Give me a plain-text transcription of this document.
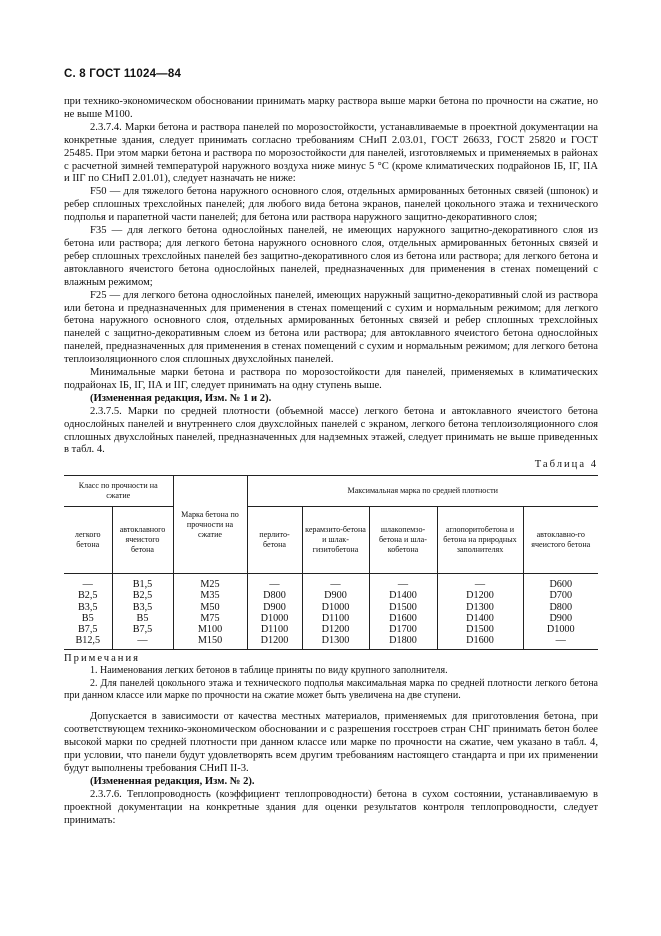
С. 8 ГОСТ 11024—84

при технико-экономическом обосновании принимать марку раствора выше марки бетона по прочности на сжатие, но не выше М100.

2.3.7.4. Марки бетона и раствора панелей по морозостойкости, устанавливаемые в проектной документации на конкретные здания, следует принимать согласно требованиям СНиП 2.03.01, ГОСТ 26633, ГОСТ 25820 и ГОСТ 25485. При этом марки бетона и раствора по морозостойкости для панелей, изготовляемых и применяемых в районах с расчетной зимней температурой наружного воздуха ниже минус 5 °С (кроме климатических подрайонов IБ, IГ, IIА и IIГ по СНиП 2.01.01), следует назначать не ниже:

F50 — для тяжелого бетона наружного основного слоя, отдельных армированных бетонных связей (шпонок) и ребер сплошных трехслойных панелей; для любого вида бетона экранов, панелей цокольного этажа и технического подполья и парапетной части панелей; для бетона или раствора наружного защитно-декоративного слоя;

F35 — для легкого бетона однослойных панелей, не имеющих наружного защитно-декоративного слоя из бетона или раствора; для легкого бетона наружного основного слоя, отдельных армированных бетонных связей и ребер сплошных трехслойных панелей без защитно-декоративного слоя из бетона или раствора; для легкого бетона и автоклавного ячеистого бетона однослойных панелей, предназначенных для применения в стенах помещений с влажным режимом;

F25 — для легкого бетона однослойных панелей, имеющих наружный защитно-декоративный слой из раствора или бетона и предназначенных для применения в стенах помещений с сухим и нормальным режимом; для легкого бетона наружного основного слоя, отдельных армированных бетонных связей и ребер сплошных трехслойных панелей с защитно-декоративным слоем из бетона или раствора; для автоклавного ячеистого бетона однослойных панелей, предназначенных для применения в стенах помещений с сухим и нормальным режимом; для легкого бетона теплоизоляционного слоя сплошных двухслойных панелей.

Минимальные марки бетона и раствора по морозостойкости для панелей, применяемых в климатических подрайонах IБ, IГ, IIА и IIГ, следует принимать на одну ступень выше.

(Измененная редакция, Изм. № 1 и 2).

2.3.7.5. Марки по средней плотности (объемной массе) легкого бетона и автоклавного ячеистого бетона однослойных панелей и внутреннего слоя двухслойных панелей с экраном, легкого бетона теплоизоляционного слоя сплошных двухслойных панелей, предназначенных для надземных этажей, следует принимать не выше приведенных в табл. 4.

Таблица 4
Класс по прочности на сжатие		Марка бетона по прочности на сжатие	Максимальная марка по средней плотности				
легкого бетона	автоклавного ячеистого бетона		перлито-бетона	керамзито-бетона и шлак-гизитобетона	шлакопемзо-бетона и шла-кобетона	аглопоритобетона и бетона на природных заполнителях	автоклавно-го ячеистого бетона
—	B1,5	M25	—	—	—	—	D600
B2,5	B2,5	M35	D800	D900	D1400	D1200	D700
B3,5	B3,5	M50	D900	D1000	D1500	D1300	D800
B5	B5	M75	D1000	D1100	D1600	D1400	D900
B7,5	B7,5	M100	D1100	D1200	D1700	D1500	D1000
B12,5	—	M150	D1200	D1300	D1800	D1600	—
Примечания

1. Наименования легких бетонов в таблице приняты по виду крупного заполнителя.

2. Для панелей цокольного этажа и технического подполья максимальная марка по средней плотности легкого бетона при данном классе или марке по прочности на сжатие может быть увеличена на две ступени.

Допускается в зависимости от качества местных материалов, применяемых для приготовления бетона, при соответствующем технико-экономическом обосновании и с разрешения госстроев стран СНГ принимать бетон более высокой марки по средней плотности при данном классе или марке по прочности на сжатие, чем указано в табл. 4, при условии, что панели будут удовлетворять всем другим требованиям настоящего стандарта и при их применении будут выполнены требования СНиП II-3.

(Измененная редакция, Изм. № 2).

2.3.7.6. Теплопроводность (коэффициент теплопроводности) бетона в сухом состоянии, устанавливаемую в проектной документации на конкретные здания для оценки результатов контроля теплопроводности, следует принимать:
